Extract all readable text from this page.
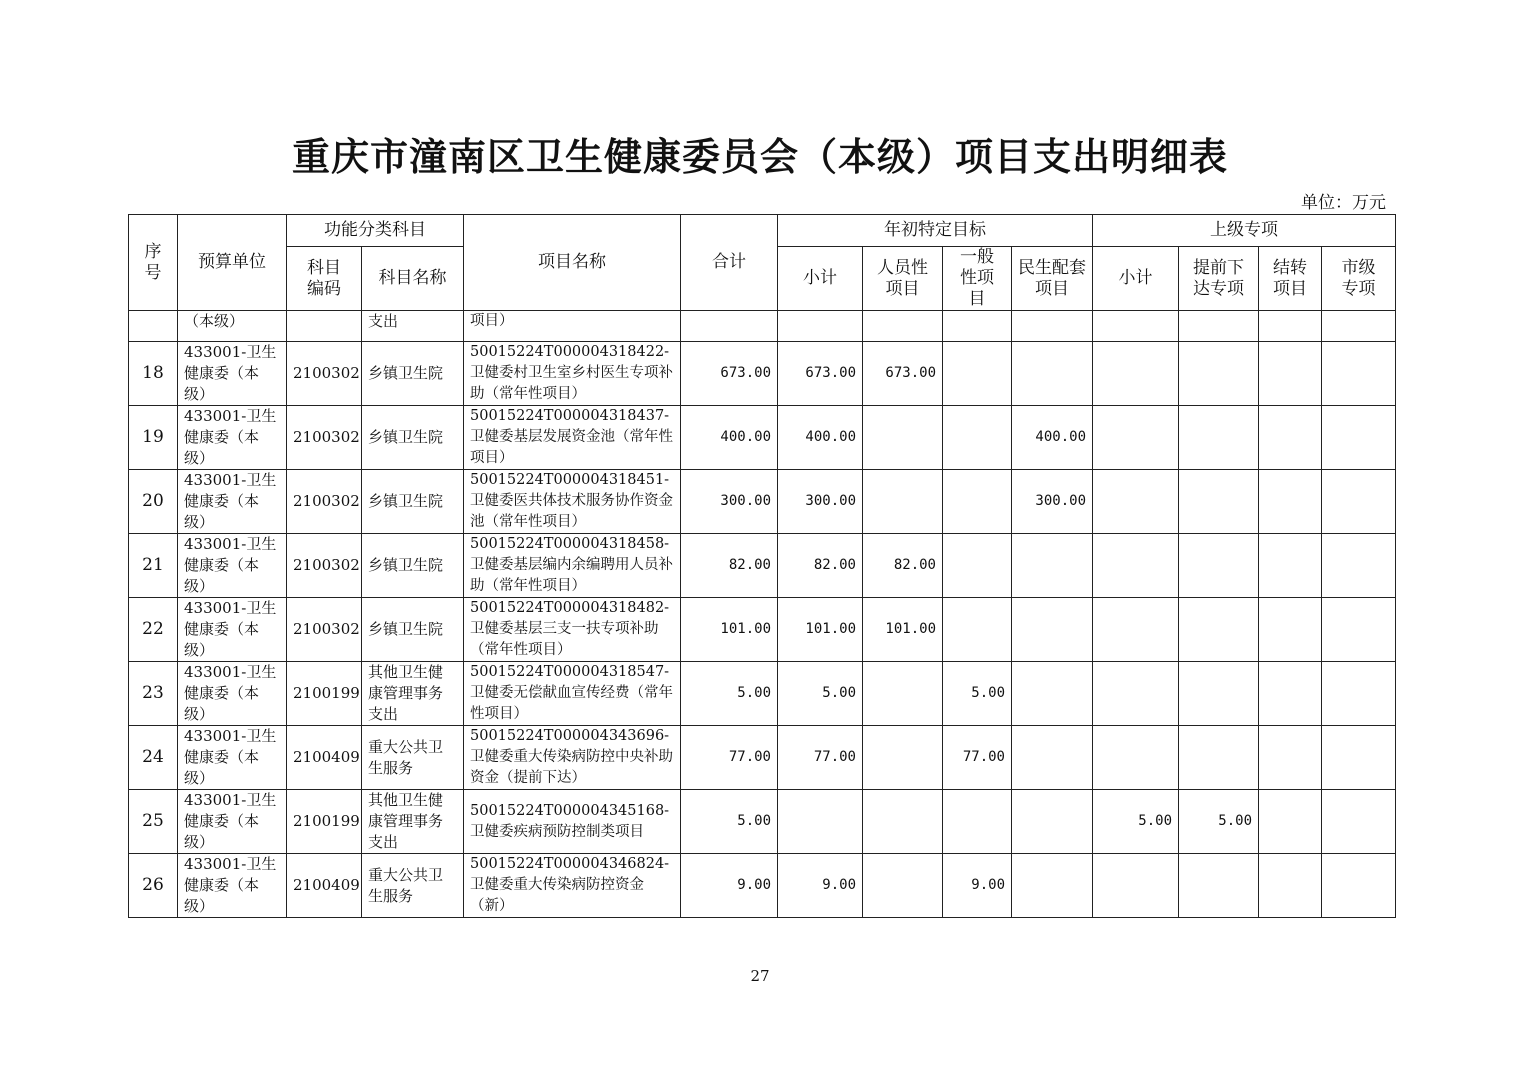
重庆市潼南区卫生健康委员会（本级）项目支出明细表
单位：万元
序号	预算单位	功能分类科目		项目名称	合计	年初特定目标				上级专项			

		科目编码	科目名称			小计	人员性项目	一般性项目	民生配套项目	小计	提前下达专项	结转项目	市级专项

	（本级）		支出	项目）									
18	433001-卫生健康委（本级）	2100302	乡镇卫生院	50015224T000004318422-卫健委村卫生室乡村医生专项补助（常年性项目）	673.00	673.00	673.00						
19	433001-卫生健康委（本级）	2100302	乡镇卫生院	50015224T000004318437-卫健委基层发展资金池（常年性项目）	400.00	400.00			400.00				
20	433001-卫生健康委（本级）	2100302	乡镇卫生院	50015224T000004318451-卫健委医共体技术服务协作资金池（常年性项目）	300.00	300.00			300.00				
21	433001-卫生健康委（本级）	2100302	乡镇卫生院	50015224T000004318458-卫健委基层编内余编聘用人员补助（常年性项目）	82.00	82.00	82.00						
22	433001-卫生健康委（本级）	2100302	乡镇卫生院	50015224T000004318482-卫健委基层三支一扶专项补助（常年性项目）	101.00	101.00	101.00						
23	433001-卫生健康委（本级）	2100199	其他卫生健康管理事务支出	50015224T000004318547-卫健委无偿献血宣传经费（常年性项目）	5.00	5.00		5.00					
24	433001-卫生健康委（本级）	2100409	重大公共卫生服务	50015224T000004343696-卫健委重大传染病防控中央补助资金（提前下达）	77.00	77.00		77.00					
25	433001-卫生健康委（本级）	2100199	其他卫生健康管理事务支出	50015224T000004345168-卫健委疾病预防控制类项目	5.00					5.00	5.00		
26	433001-卫生健康委（本级）	2100409	重大公共卫生服务	50015224T000004346824-卫健委重大传染病防控资金（新）	9.00	9.00		9.00					
27
